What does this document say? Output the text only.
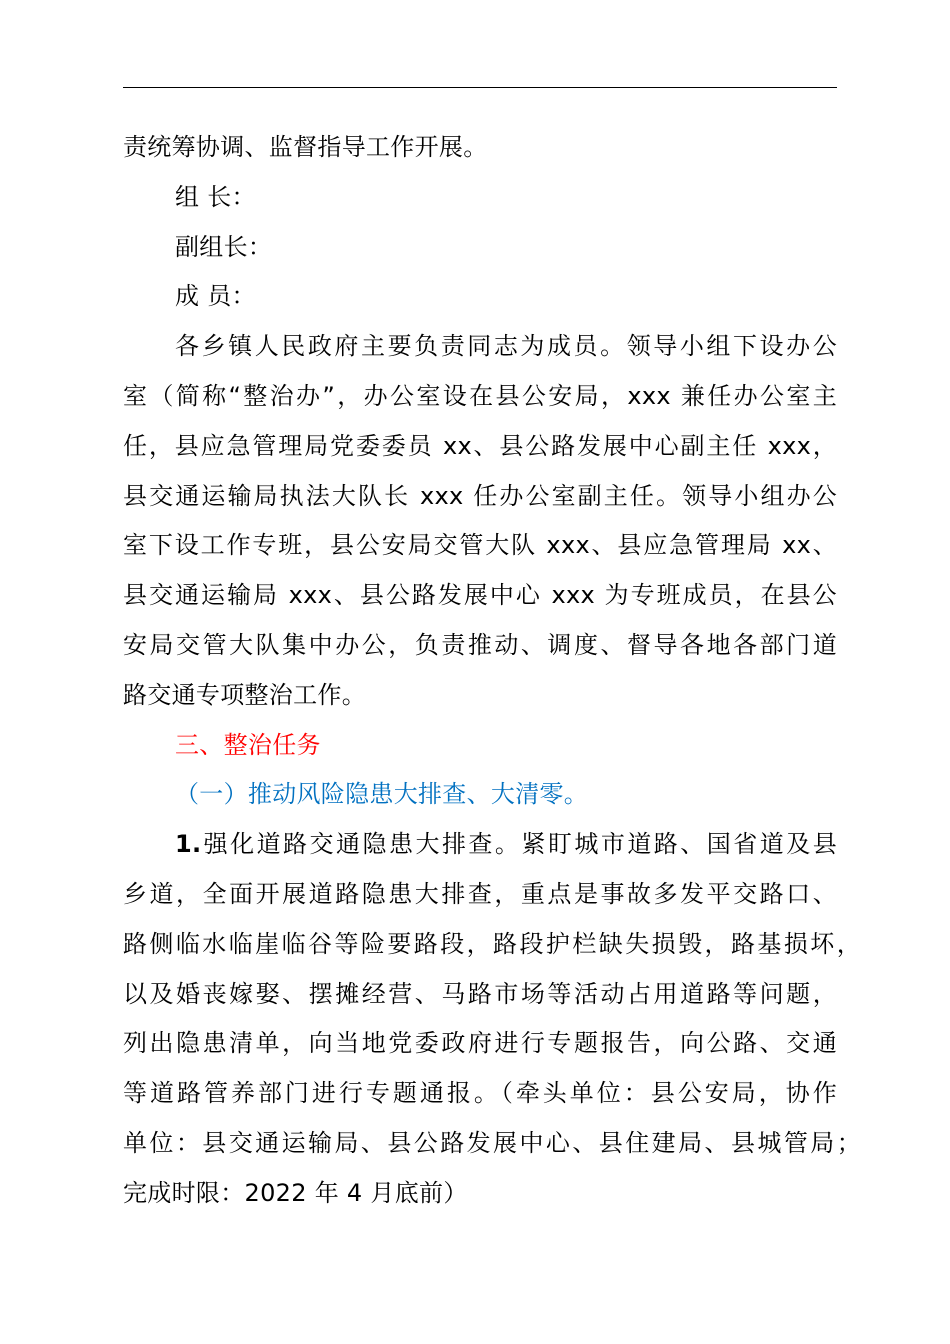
责统筹协调、监督指导工作开展。
组 长：
副组长：
成 员：
各乡镇人民政府主要负责同志为成员。领导小组下设办公
室（简称“整治办”，办公室设在县公安局，xxx 兼任办公室主
任，县应急管理局党委委员 xx、县公路发展中心副主任 xxx，
县交通运输局执法大队长 xxx 任办公室副主任。领导小组办公
室下设工作专班，县公安局交管大队 xxx、县应急管理局 xx、
县交通运输局 xxx、县公路发展中心 xxx 为专班成员，在县公
安局交管大队集中办公，负责推动、调度、督导各地各部门道
路交通专项整治工作。
三、整治任务
（一）推动风险隐患大排查、大清零。
1.强化道路交通隐患大排查。紧盯城市道路、国省道及县
乡道，全面开展道路隐患大排查，重点是事故多发平交路口、
路侧临水临崖临谷等险要路段，路段护栏缺失损毁，路基损坏，
以及婚丧嫁娶、摆摊经营、马路市场等活动占用道路等问题，
列出隐患清单，向当地党委政府进行专题报告，向公路、交通
等道路管养部门进行专题通报。（牵头单位：县公安局，协作
单位：县交通运输局、县公路发展中心、县住建局、县城管局；
完成时限：2022 年 4 月底前）
